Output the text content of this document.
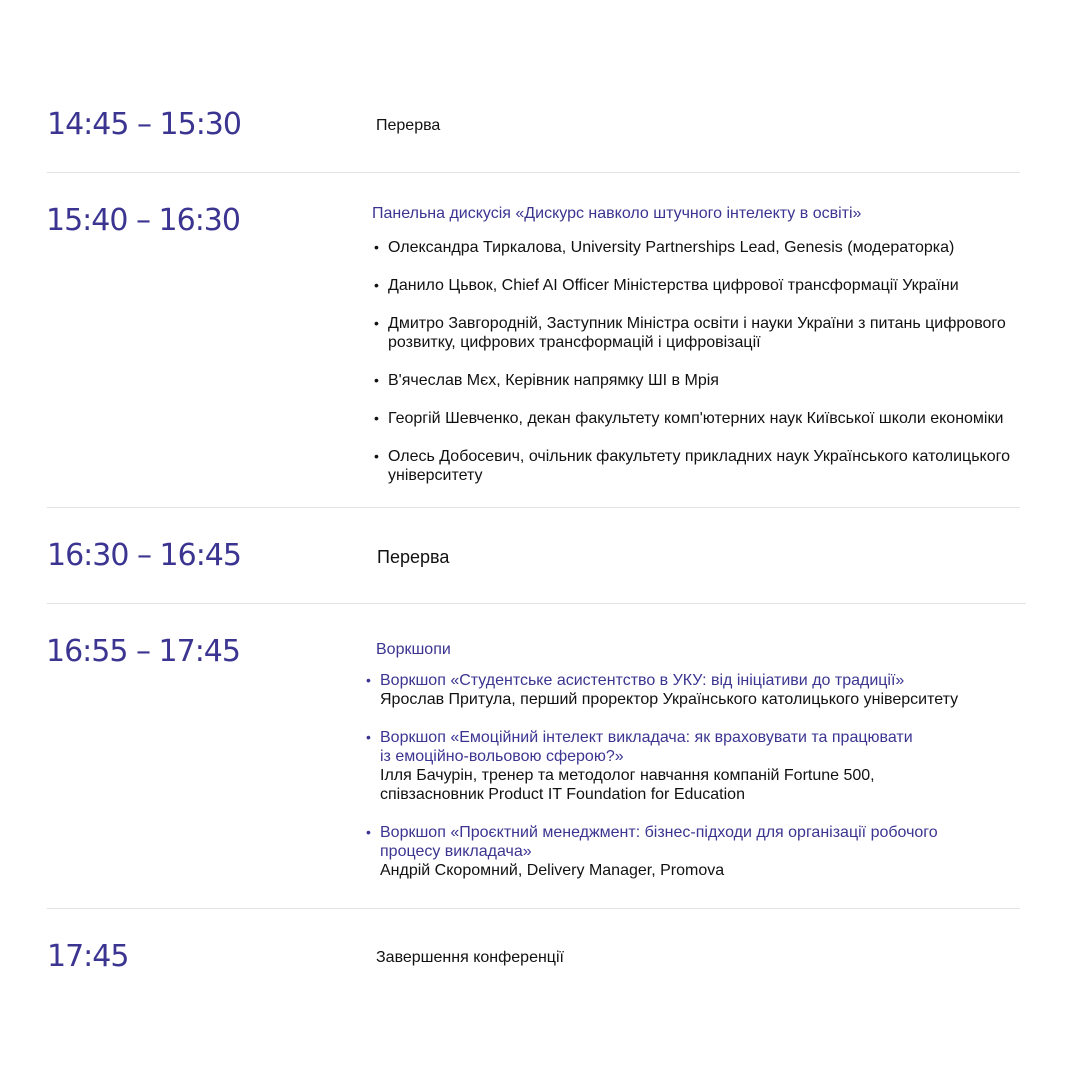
14:45 – 15:30	Перерва
15:40 – 16:30	Панельна дискусія «Дискурс навколо штучного інтелекту в освіті»
• Олександра Тиркалова, University Partnerships Lead, Genesis (модераторка)
• Данило Цьвок, Chief AI Officer Міністерства цифрової трансформації України
• Дмитро Завгородній, Заступник Міністра освіти і науки України з питань цифрового розвитку, цифрових трансформацій і цифровізації
• В'ячеслав Мєх, Керівник напрямку ШІ в Мрія
• Георгій Шевченко, декан факультету комп'ютерних наук Київської школи економіки
• Олесь Добосевич, очільник факультету прикладних наук Українського католицького університету
16:30 – 16:45	Перерва
16:55 – 17:45	Воркшопи
• Воркшоп «Студентське асистентство в УКУ: від ініціативи до традиції»
Ярослав Притула, перший проректор Українського католицького університету
• Воркшоп «Емоційний інтелект викладача: як враховувати та працювати із емоційно-вольовою сферою?»
Ілля Бачурін, тренер та методолог навчання компаній Fortune 500, співзасновник Product IT Foundation for Education
• Воркшоп «Проєктний менеджмент: бізнес-підходи для організації робочого процесу викладача»
Андрій Скоромний, Delivery Manager, Promova
17:45	Завершення конференції
